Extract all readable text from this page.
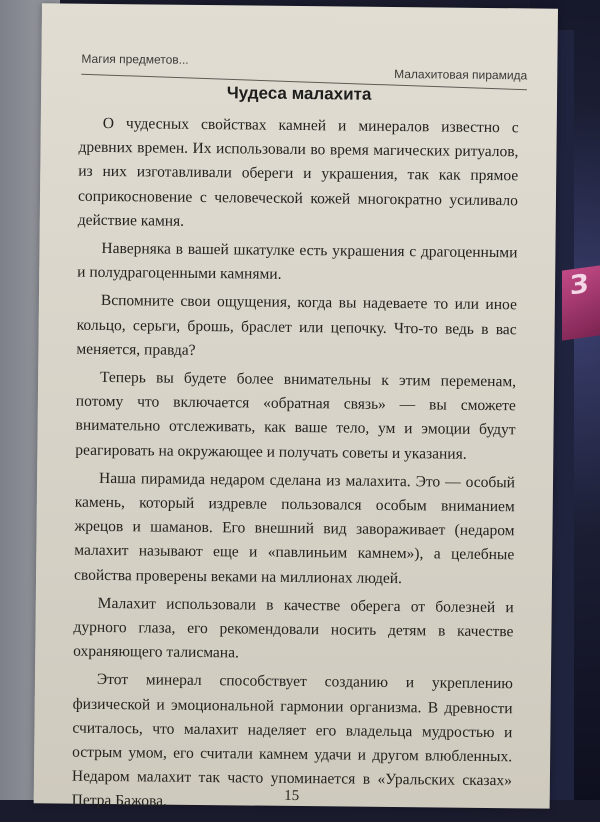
З
Магия предметов...
Малахитовая пирамида
Чудеса малахита

О чудесных свойствах камней и минералов известно с древних времен. Их использовали во время магических ритуалов, из них изготавливали обереги и украшения, так как прямое соприкосновение с человеческой кожей многократно усиливало действие камня.

Наверняка в вашей шкатулке есть украшения с драгоценными и полудрагоценными камнями.

Вспомните свои ощущения, когда вы надеваете то или иное кольцо, серьги, брошь, браслет или цепочку. Что-то ведь в вас меняется, правда?

Теперь вы будете более внимательны к этим переменам, потому что включается «обратная связь» — вы сможете внимательно отслеживать, как ваше тело, ум и эмоции будут реагировать на окружающее и получать советы и указания.

Наша пирамида недаром сделана из малахита. Это — особый камень, который издревле пользовался особым вниманием жрецов и шаманов. Его внешний вид завораживает (недаром малахит называют еще и «павлиньим камнем»), а целебные свойства проверены веками на миллионах людей.

Малахит использовали в качестве оберега от болезней и дурного глаза, его рекомендовали носить детям в качестве охраняющего талисмана.

Этот минерал способствует созданию и укреплению физической и эмоциональной гармонии организма. В древности считалось, что малахит наделяет его владельца мудростью и острым умом, его считали камнем удачи и другом влюбленных. Недаром малахит так часто упоминается в «Уральских сказах» Петра Бажова.	15
